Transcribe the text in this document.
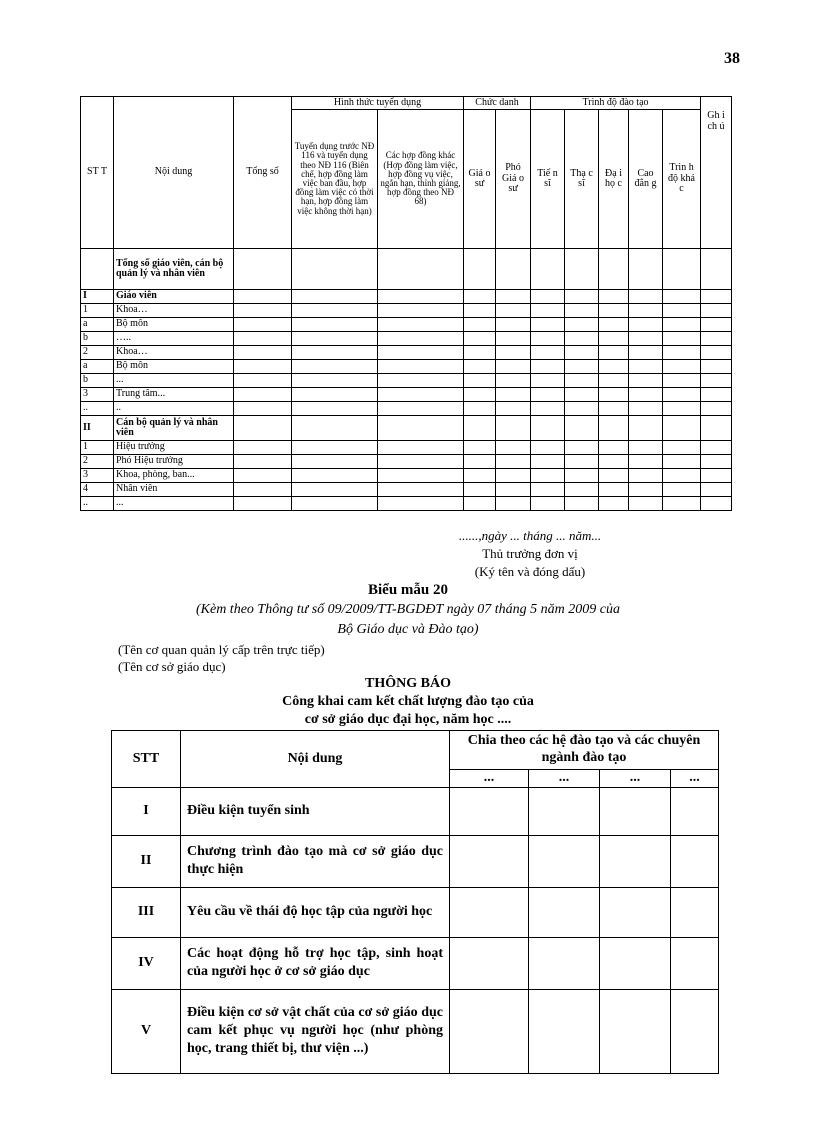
38
ST T	Nội dung	Tổng số	Hình thức tuyển dụng		Chức danh		Trình độ đào tạo					Gh i ch ú
			Tuyển dụng trước NĐ 116 và tuyển dụng theo NĐ 116 (Biên chế, hợp đồng làm việc ban đầu, hợp đồng làm việc có thời hạn, hợp đồng làm việc không thời hạn)	Các hợp đồng khác (Hợp đồng làm việc, hợp đồng vụ việc, ngắn hạn, thỉnh giảng, hợp đồng theo NĐ 68)	Giá o sư	Phó Giá o sư	Tiế n sĩ	Thạ c sĩ	Đạ i họ c	Cao đẳn g	Trìn h độ khá c	
	Tổng số giáo viên, cán bộ quản lý và nhân viên											
I	Giáo viên											
1	Khoa…											
a	Bộ môn											
b	…..											
2	Khoa…											
a	Bộ môn											
b	...											
3	Trung tâm...											
..	..											
II	Cán bộ quản lý và nhân viên											
1	Hiệu trưởng											
2	Phó Hiệu trưởng											
3	Khoa, phòng, ban...											
4	Nhân viên											
..	...											
......,ngày ... tháng ... năm...
Thủ trưởng đơn vị
(Ký tên và đóng dấu)
Biểu mẫu 20
(Kèm theo Thông tư số 09/2009/TT-BGDĐT ngày 07 tháng 5 năm 2009 của
Bộ Giáo dục và Đào tạo)
(Tên cơ quan quản lý cấp trên trực tiếp)
(Tên cơ sở giáo dục)
THÔNG BÁO
Công khai cam kết chất lượng đào tạo của
cơ sở giáo dục đại học, năm học ....
STT	Nội dung	Chia theo các hệ đào tạo và các chuyên ngành đào tạo			
		...	...	...	...
I	Điều kiện tuyển sinh				
II	Chương trình đào tạo mà cơ sở giáo dục thực hiện				
III	Yêu cầu về thái độ học tập của người học				
IV	Các hoạt động hỗ trợ học tập, sinh hoạt của người học ở cơ sở giáo dục				
V	Điều kiện cơ sở vật chất của cơ sở giáo dục cam kết phục vụ người học (như phòng học, trang thiết bị, thư viện ...)				
